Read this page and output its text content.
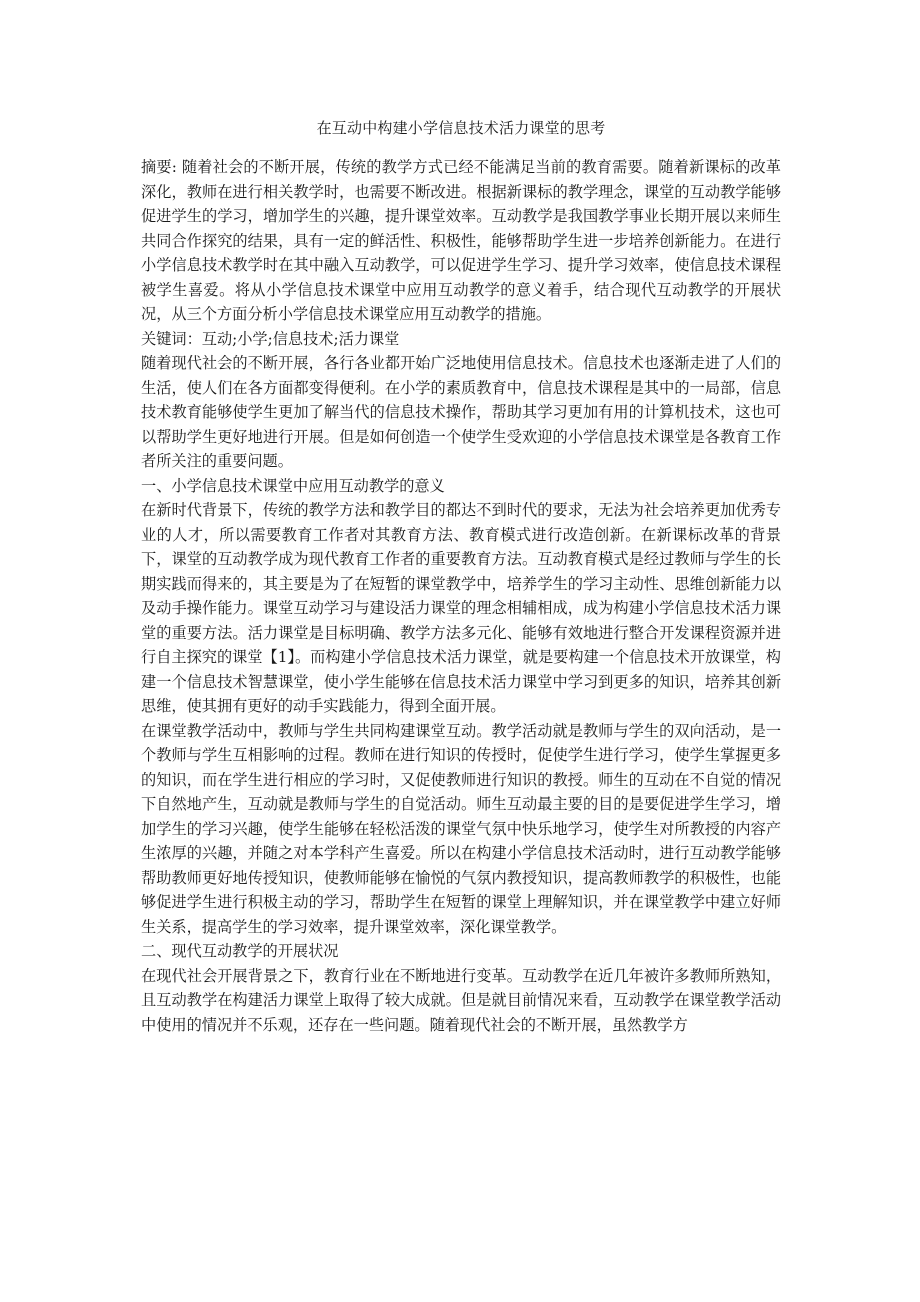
在互动中构建小学信息技术活力课堂的思考

摘要: 随着社会的不断开展，传统的教学方式已经不能满足当前的教育需要。随着新课标的改革深化，教师在进行相关教学时，也需要不断改进。根据新课标的教学理念，课堂的互动教学能够促进学生的学习，增加学生的兴趣，提升课堂效率。互动教学是我国教学事业长期开展以来师生共同合作探究的结果，具有一定的鲜活性、积极性，能够帮助学生进一步培养创新能力。在进行小学信息技术教学时在其中融入互动教学，可以促进学生学习、提升学习效率，使信息技术课程被学生喜爱。将从小学信息技术课堂中应用互动教学的意义着手，结合现代互动教学的开展状况，从三个方面分析小学信息技术课堂应用互动教学的措施。

关键词：互动;小学;信息技术;活力课堂

随着现代社会的不断开展，各行各业都开始广泛地使用信息技术。信息技术也逐渐走进了人们的生活，使人们在各方面都变得便利。在小学的素质教育中，信息技术课程是其中的一局部，信息技术教育能够使学生更加了解当代的信息技术操作，帮助其学习更加有用的计算机技术，这也可以帮助学生更好地进行开展。但是如何创造一个使学生受欢迎的小学信息技术课堂是各教育工作者所关注的重要问题。

一、小学信息技术课堂中应用互动教学的意义

在新时代背景下，传统的教学方法和教学目的都达不到时代的要求，无法为社会培养更加优秀专业的人才，所以需要教育工作者对其教育方法、教育模式进行改造创新。在新课标改革的背景下，课堂的互动教学成为现代教育工作者的重要教育方法。互动教育模式是经过教师与学生的长期实践而得来的，其主要是为了在短暂的课堂教学中，培养学生的学习主动性、思维创新能力以及动手操作能力。课堂互动学习与建设活力课堂的理念相辅相成，成为构建小学信息技术活力课堂的重要方法。活力课堂是目标明确、教学方法多元化、能够有效地进行整合开发课程资源并进行自主探究的课堂【1】。而构建小学信息技术活力课堂，就是要构建一个信息技术开放课堂，构建一个信息技术智慧课堂，使小学生能够在信息技术活力课堂中学习到更多的知识，培养其创新思维，使其拥有更好的动手实践能力，得到全面开展。

在课堂教学活动中，教师与学生共同构建课堂互动。教学活动就是教师与学生的双向活动，是一个教师与学生互相影响的过程。教师在进行知识的传授时，促使学生进行学习，使学生掌握更多的知识，而在学生进行相应的学习时，又促使教师进行知识的教授。师生的互动在不自觉的情况下自然地产生，互动就是教师与学生的自觉活动。师生互动最主要的目的是要促进学生学习，增加学生的学习兴趣，使学生能够在轻松活泼的课堂气氛中快乐地学习，使学生对所教授的内容产生浓厚的兴趣，并随之对本学科产生喜爱。所以在构建小学信息技术活动时，进行互动教学能够帮助教师更好地传授知识，使教师能够在愉悦的气氛内教授知识，提高教师教学的积极性，也能够促进学生进行积极主动的学习，帮助学生在短暂的课堂上理解知识，并在课堂教学中建立好师生关系，提高学生的学习效率，提升课堂效率，深化课堂教学。

二、现代互动教学的开展状况

在现代社会开展背景之下，教育行业在不断地进行变革。互动教学在近几年被许多教师所熟知，且互动教学在构建活力课堂上取得了较大成就。但是就目前情况来看，互动教学在课堂教学活动中使用的情况并不乐观，还存在一些问题。随着现代社会的不断开展，虽然教学方
